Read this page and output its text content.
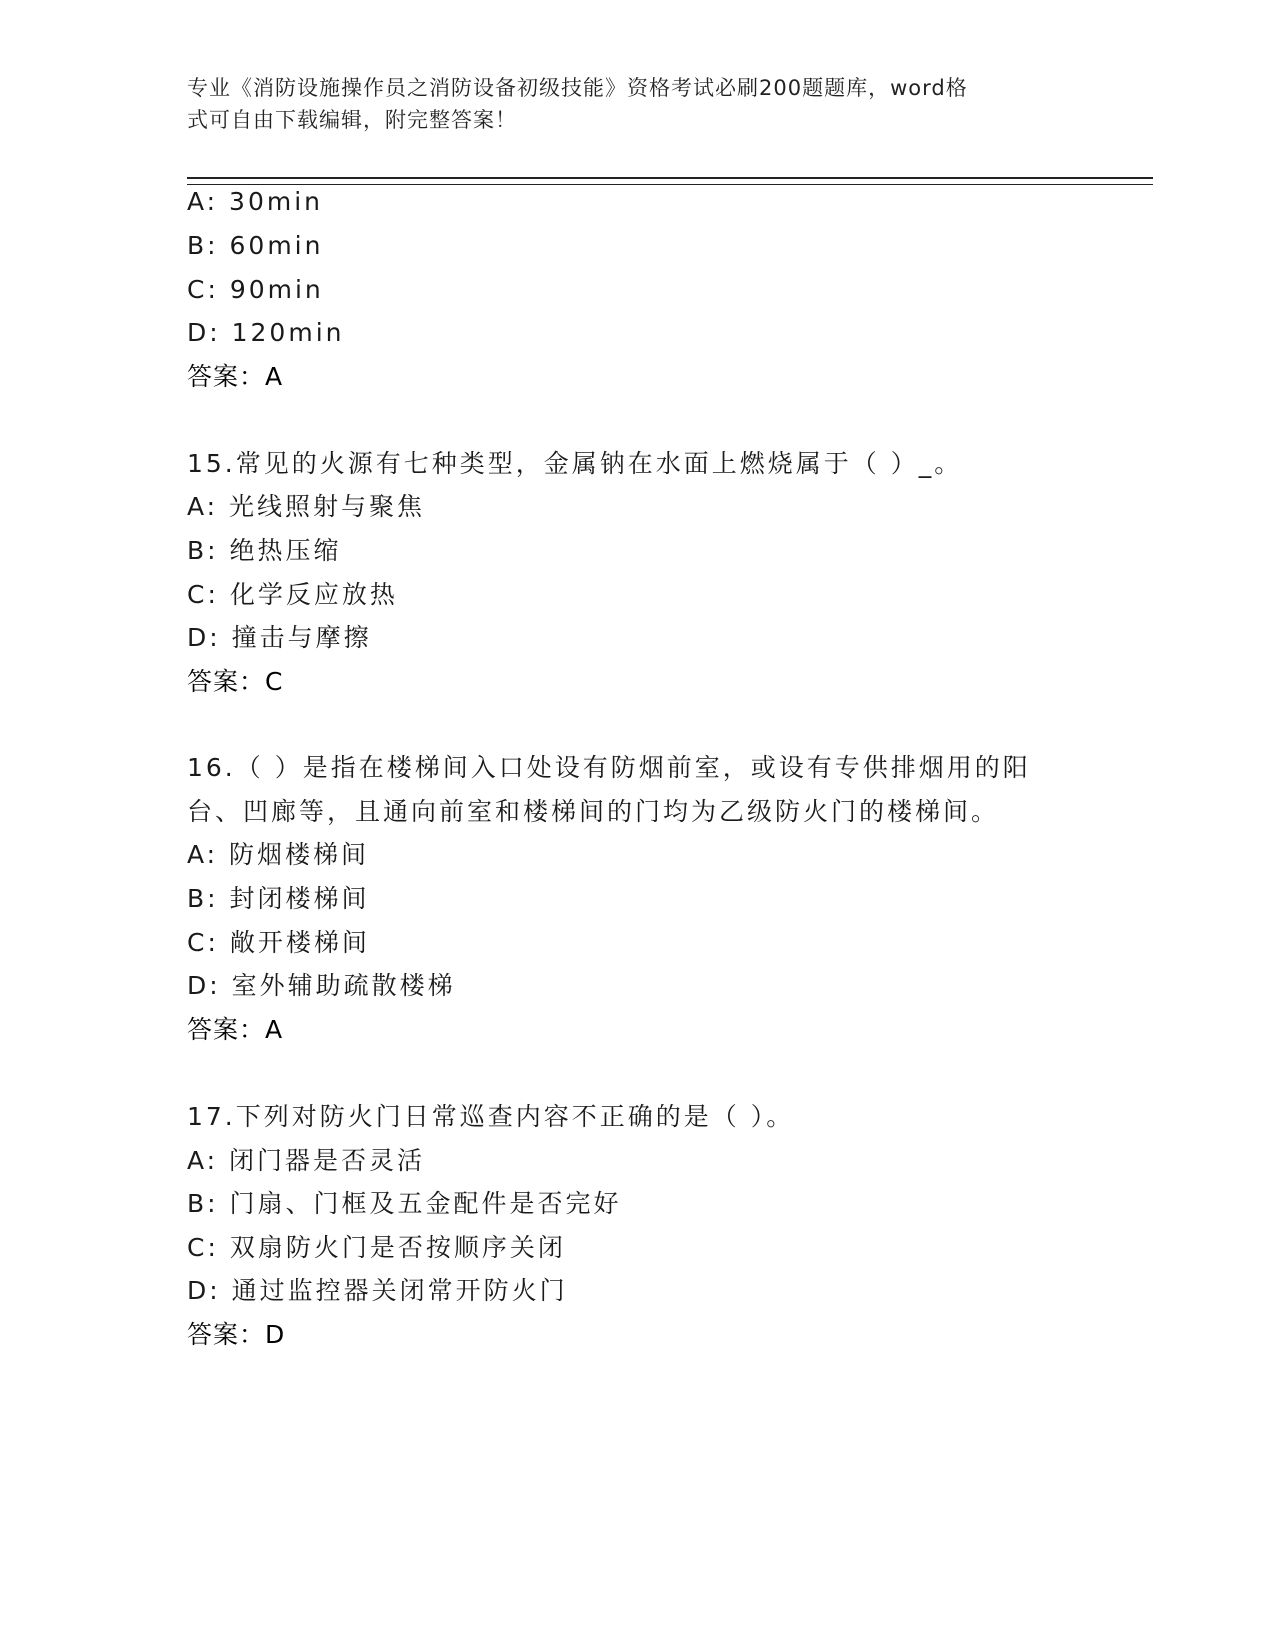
专业《消防设施操作员之消防设备初级技能》资格考试必刷200题题库，word格
式可自由下载编辑，附完整答案！
A: 30min
B: 60min
C: 90min
D: 120min
答案：A
15.常见的火源有七种类型，金属钠在水面上燃烧属于（ ）_。
A: 光线照射与聚焦
B: 绝热压缩
C: 化学反应放热
D: 撞击与摩擦
答案：C
16.（ ）是指在楼梯间入口处设有防烟前室，或设有专供排烟用的阳
台、凹廊等，且通向前室和楼梯间的门均为乙级防火门的楼梯间。
A: 防烟楼梯间
B: 封闭楼梯间
C: 敞开楼梯间
D: 室外辅助疏散楼梯
答案：A
17.下列对防火门日常巡查内容不正确的是（ ）。
A: 闭门器是否灵活
B: 门扇、门框及五金配件是否完好
C: 双扇防火门是否按顺序关闭
D: 通过监控器关闭常开防火门
答案：D
